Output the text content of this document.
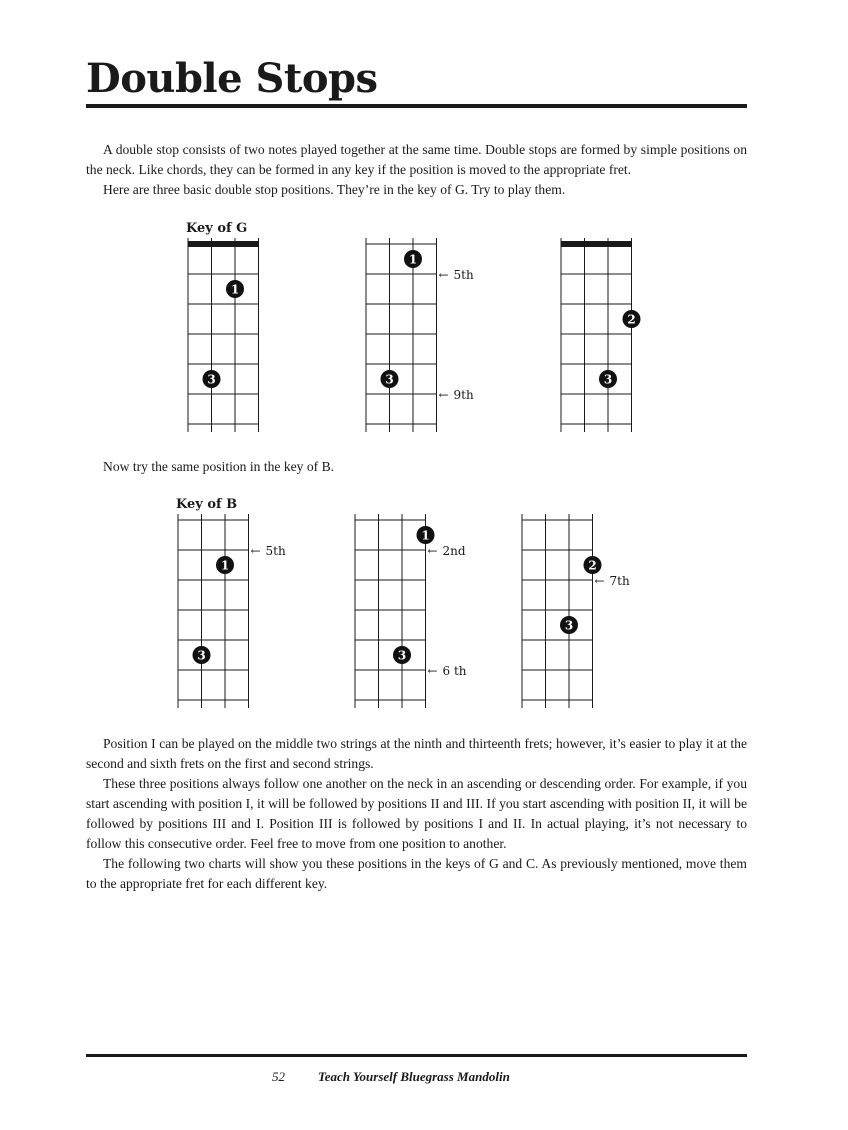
Double Stops
A double stop consists of two notes played together at the same time. Double stops are formed by simple positions on the neck. Like chords, they can be formed in any key if the position is moved to the appropriate fret.
Here are three basic double stop positions. They’re in the key of G. Try to play them.
Key of G
1
3
1
3
← 5th
← 9th
2
3
Key of B
1
3
← 5th
1
3
← 2nd
← 6 th
2
3
← 7th
Now try the same position in the key of B.
Position I can be played on the middle two strings at the ninth and thirteenth frets; however, it’s easier to play it at the second and sixth frets on the first and second strings.
These three positions always follow one another on the neck in an ascending or descending order. For example, if you start ascending with position I, it will be followed by positions II and III. If you start ascending with position II, it will be followed by positions III and I. Position III is followed by positions I and II. In actual playing, it’s not necessary to follow this consecutive order. Feel free to move from one position to another.
The following two charts will show you these positions in the keys of G and C. As previously mentioned, move them to the appropriate fret for each different key.
52	Teach Yourself Bluegrass Mandolin
